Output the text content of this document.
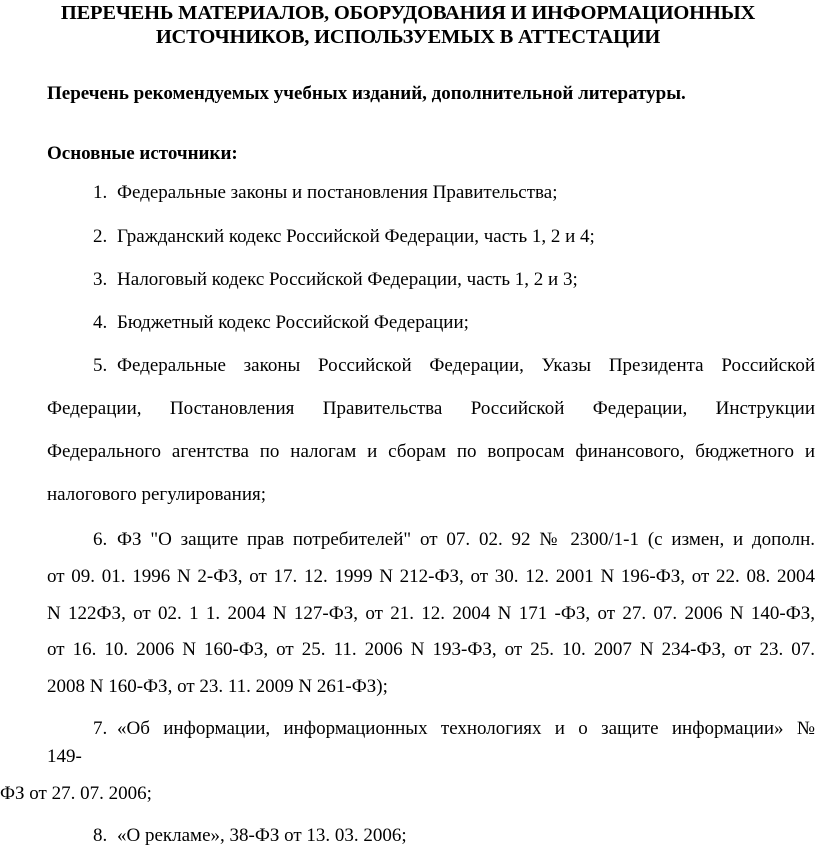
ПЕРЕЧЕНЬ МАТЕРИАЛОВ, ОБОРУДОВАНИЯ И ИНФОРМАЦИОННЫХ
ИСТОЧНИКОВ, ИСПОЛЬЗУЕМЫХ В АТТЕСТАЦИИ
Перечень рекомендуемых учебных изданий, дополнительной литературы.
Основные источники:
1. Федеральные законы и постановления Правительства;
2. Гражданский кодекс Российской Федерации, часть 1, 2 и 4;
3. Налоговый кодекс Российской Федерации, часть 1, 2 и 3;
4. Бюджетный кодекс Российской Федерации;
5. Федеральные законы Российской Федерации, Указы Президента Российской
Федерации, Постановления Правительства Российской Федерации, Инструкции
Федерального агентства по налогам и сборам по вопросам финансового, бюджетного и
налогового регулирования;
6. ФЗ "О защите прав потребителей" от 07. 02. 92 № 2300/1-1 (с измен, и дополн.
от 09. 01. 1996 N 2-ФЗ, от 17. 12. 1999 N 212-ФЗ, от 30. 12. 2001 N 196-ФЗ, от 22. 08. 2004
N 122ФЗ, от 02. 1 1. 2004 N 127-ФЗ, от 21. 12. 2004 N 171 -ФЗ, от 27. 07. 2006 N 140-ФЗ,
от 16. 10. 2006 N 160-ФЗ, от 25. 11. 2006 N 193-ФЗ, от 25. 10. 2007 N 234-ФЗ, от 23. 07.
2008 N 160-ФЗ, от 23. 11. 2009 N 261-ФЗ);
7. «Об информации, информационных технологиях и о защите информации» №
149-
ФЗ от 27. 07. 2006;
8. «О рекламе», 38-ФЗ от 13. 03. 2006;
